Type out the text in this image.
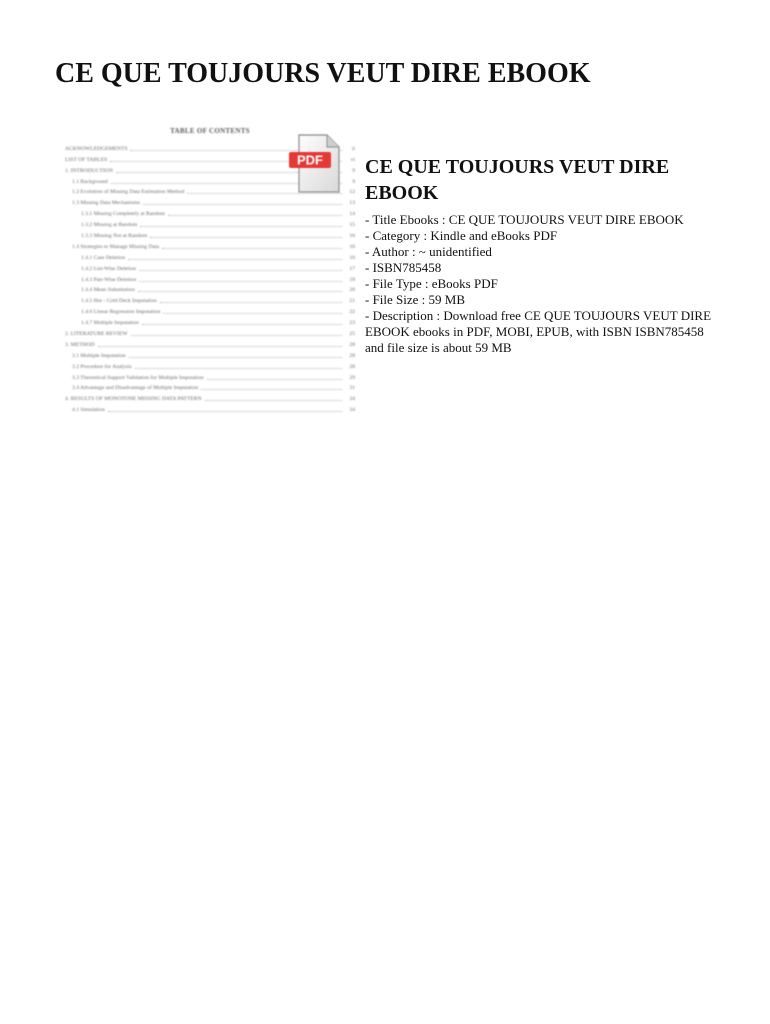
CE QUE TOUJOURS VEUT DIRE EBOOK
TABLE OF CONTENTS
ACKNOWLEDGEMENTS	ii
LIST OF TABLES	vi
1. INTRODUCTION	9
1.1 Background	9
1.2 Evolution of Missing Data Estimation Method	12
1.3 Missing Data Mechanisms	13
1.3.1 Missing Completely at Random	14
1.3.2 Missing at Random	15
1.3.3 Missing Not at Random	16
1.4 Strategies to Manage Missing Data	16
1.4.1 Case Deletion	16
1.4.2 List-Wise Deletion	17
1.4.3 Pair-Wise Deletion	18
1.4.4 Mean Substitution	20
1.4.5 Hot - Cold Deck Imputation	21
1.4.6 Linear Regression Imputation	22
1.4.7 Multiple Imputation	23
2. LITERATURE REVIEW	25
3. METHOD	28
3.1 Multiple Imputation	28
3.2 Procedure for Analysis	28
3.3 Theoretical Support Validation for Multiple Imputation	29
3.4 Advantage and Disadvantage of Multiple Imputation	31
4. RESULTS OF MONOTONE MISSING DATA PATTERN	34
4.1 Simulation	34
PDF CE QUE TOUJOURS VEUT DIRE EBOOK
- Title Ebooks : CE QUE TOUJOURS VEUT DIRE EBOOK
- Category : Kindle and eBooks PDF
- Author : ~ unidentified
- ISBN785458
- File Type : eBooks PDF
- File Size : 59 MB
- Description : Download free CE QUE TOUJOURS VEUT DIRE EBOOK ebooks in PDF, MOBI, EPUB, with ISBN ISBN785458 and file size is about 59 MB
